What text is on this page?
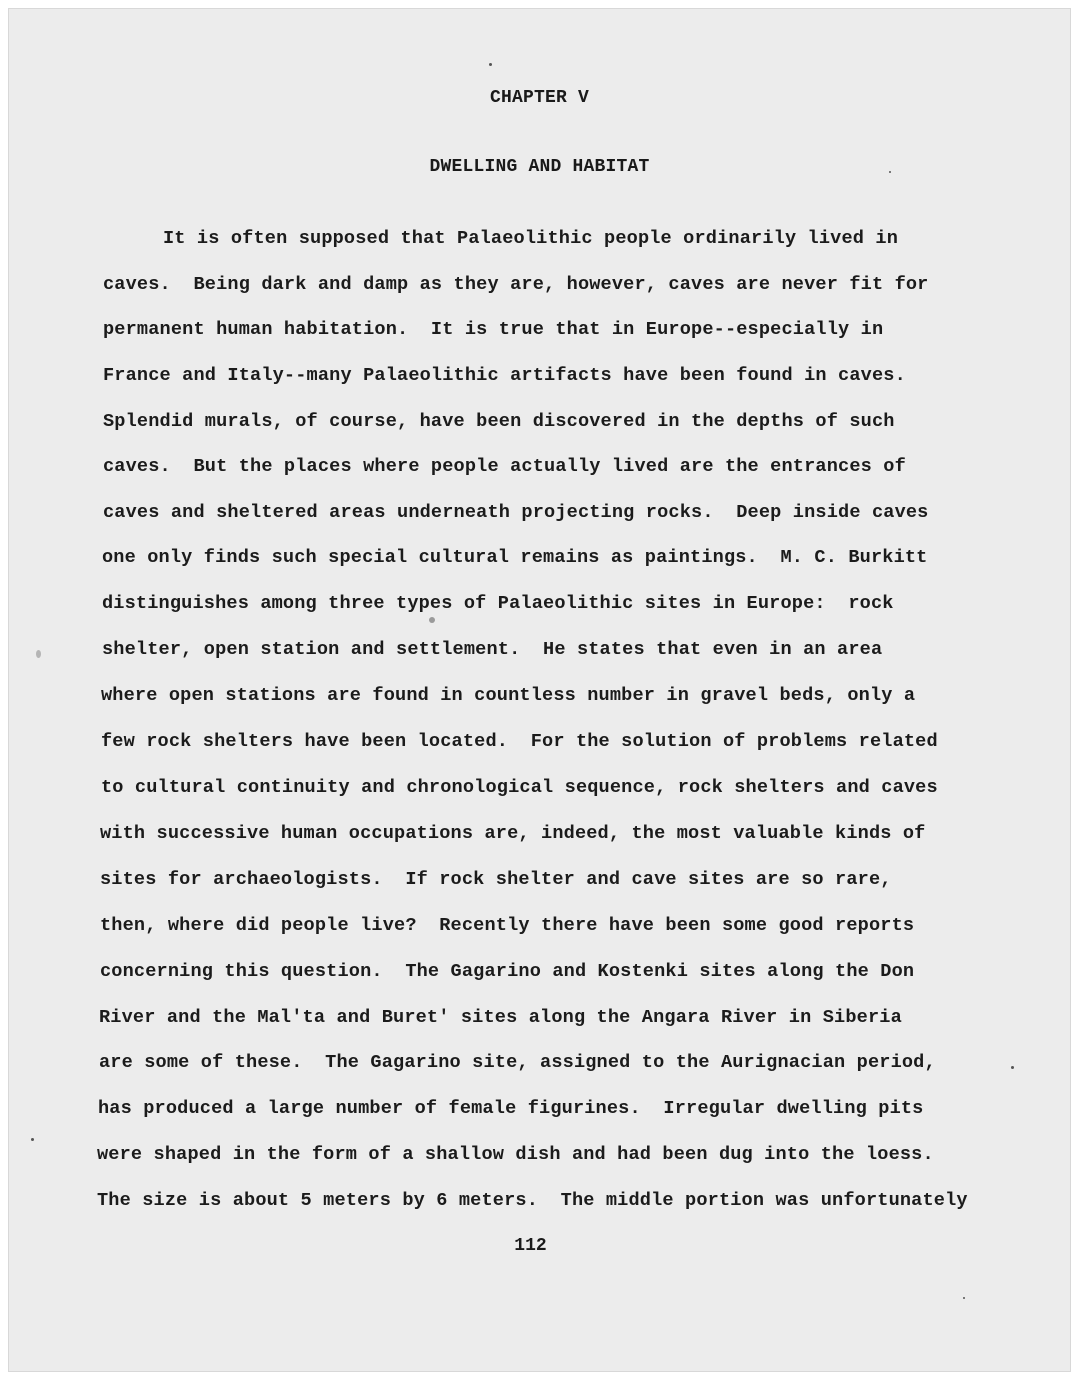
CHAPTER V
DWELLING AND HABITAT
It is often supposed that Palaeolithic people ordinarily lived in
caves.  Being dark and damp as they are, however, caves are never fit for
permanent human habitation.  It is true that in Europe--especially in
France and Italy--many Palaeolithic artifacts have been found in caves.
Splendid murals, of course, have been discovered in the depths of such
caves.  But the places where people actually lived are the entrances of
caves and sheltered areas underneath projecting rocks.  Deep inside caves
one only finds such special cultural remains as paintings.  M. C. Burkitt
distinguishes among three types of Palaeolithic sites in Europe:  rock
shelter, open station and settlement.  He states that even in an area
where open stations are found in countless number in gravel beds, only a
few rock shelters have been located.  For the solution of problems related
to cultural continuity and chronological sequence, rock shelters and caves
with successive human occupations are, indeed, the most valuable kinds of
sites for archaeologists.  If rock shelter and cave sites are so rare,
then, where did people live?  Recently there have been some good reports
concerning this question.  The Gagarino and Kostenki sites along the Don
River and the Mal'ta and Buret' sites along the Angara River in Siberia
are some of these.  The Gagarino site, assigned to the Aurignacian period,
has produced a large number of female figurines.  Irregular dwelling pits
were shaped in the form of a shallow dish and had been dug into the loess.
The size is about 5 meters by 6 meters.  The middle portion was unfortunately
112
